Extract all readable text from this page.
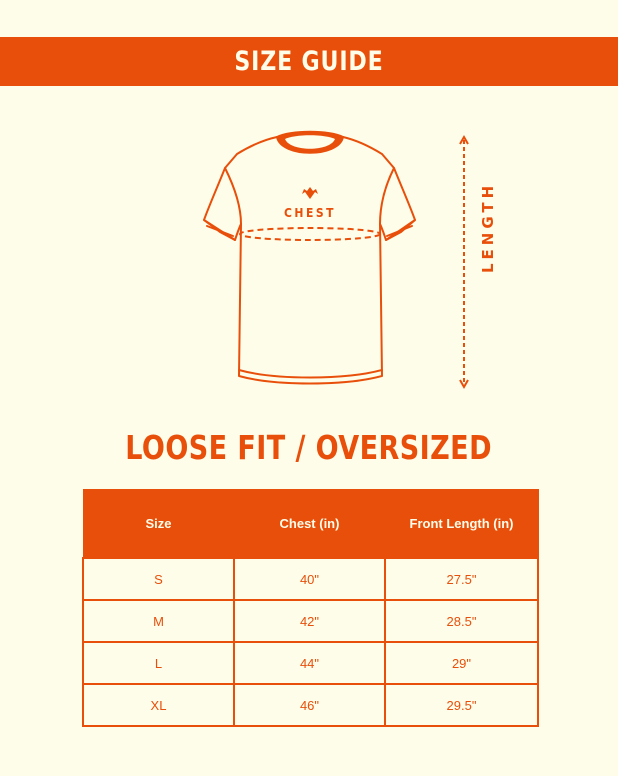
SIZE GUIDE
CHEST	LENGTH
LOOSE FIT / OVERSIZED
Size	Chest (in)	Front Length (in)
S	40"	27.5"
M	42"	28.5"
L	44"	29"
XL	46"	29.5"
